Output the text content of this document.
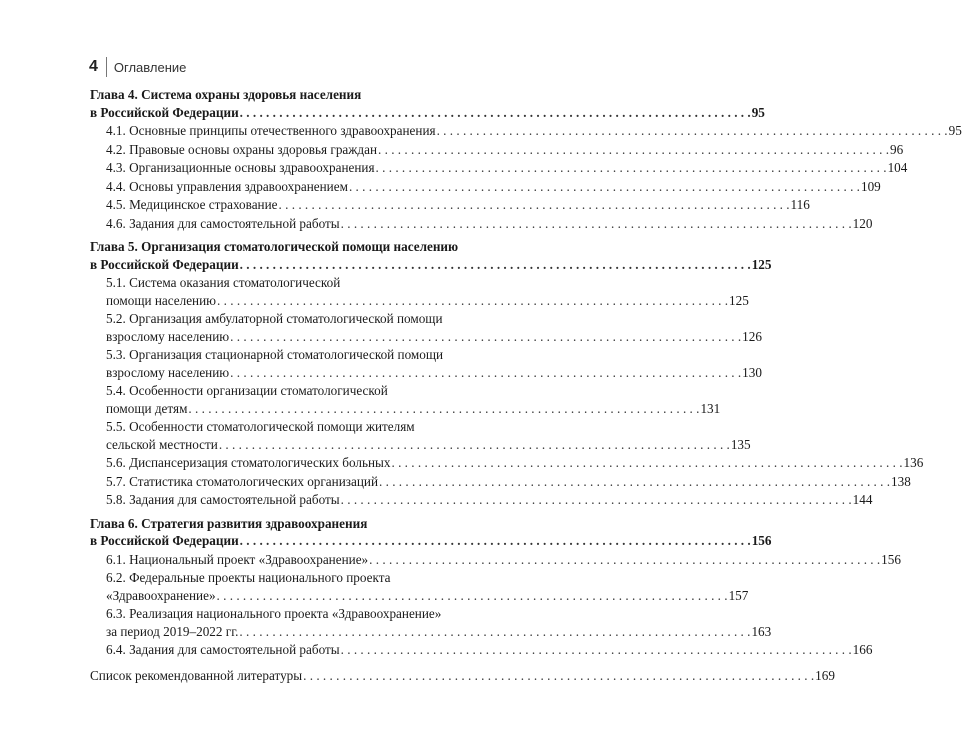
4 Оглавление
Глава 4. Система охраны здоровья населения
в Российской Федерации . . .	95
4.1. Основные принципы отечественного здравоохранения . . .	95
4.2. Правовые основы охраны здоровья граждан . . .	96
4.3. Организационные основы здравоохранения . . .	104
4.4. Основы управления здравоохранением . . .	109
4.5. Медицинское страхование . . .	116
4.6. Задания для самостоятельной работы . . .	120
Глава 5. Организация стоматологической помощи населению
в Российской Федерации . . .	125
5.1. Система оказания стоматологической
помощи населению . . .	125
5.2. Организация амбулаторной стоматологической помощи
взрослому населению . . .	126
5.3. Организация стационарной стоматологической помощи
взрослому населению . . .	130
5.4. Особенности организации стоматологической
помощи детям . . .	131
5.5. Особенности стоматологической помощи жителям
сельской местности . . .	135
5.6. Диспансеризация стоматологических больных . . .	136
5.7. Статистика стоматологических организаций . . .	138
5.8. Задания для самостоятельной работы . . .	144
Глава 6. Стратегия развития здравоохранения
в Российской Федерации . . .	156
6.1. Национальный проект «Здравоохранение» . . .	156
6.2. Федеральные проекты национального проекта
«Здравоохранение» . . .	157
6.3. Реализация национального проекта «Здравоохранение»
за период 2019–2022 гг. . . .	163
6.4. Задания для самостоятельной работы . . .	166
Список рекомендованной литературы . . .	169
